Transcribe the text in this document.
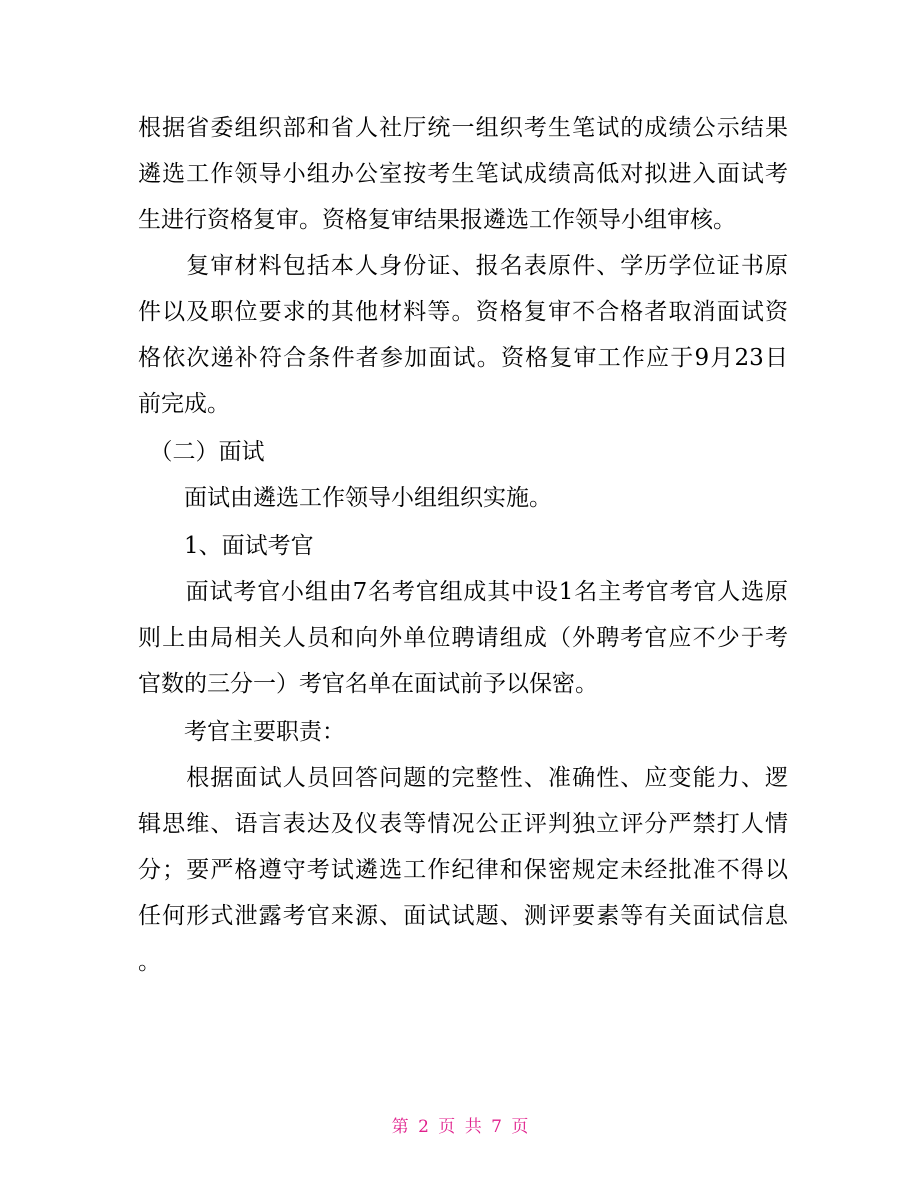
根据省委组织部和省人社厅统一组织考生笔试的成绩公示结果
遴选工作领导小组办公室按考生笔试成绩高低对拟进入面试考
生进行资格复审。资格复审结果报遴选工作领导小组审核。
　　复审材料包括本人身份证、报名表原件、学历学位证书原
件以及职位要求的其他材料等。资格复审不合格者取消面试资
格依次递补符合条件者参加面试。资格复审工作应于9月23日
前完成。
　（二）面试
　　面试由遴选工作领导小组组织实施。
　　1、面试考官
　　面试考官小组由7名考官组成其中设1名主考官考官人选原
则上由局相关人员和向外单位聘请组成（外聘考官应不少于考
官数的三分一）考官名单在面试前予以保密。
　　考官主要职责：
　　根据面试人员回答问题的完整性、准确性、应变能力、逻
辑思维、语言表达及仪表等情况公正评判独立评分严禁打人情
分；要严格遵守考试遴选工作纪律和保密规定未经批准不得以
任何形式泄露考官来源、面试试题、测评要素等有关面试信息
。
第 2 页 共 7 页
